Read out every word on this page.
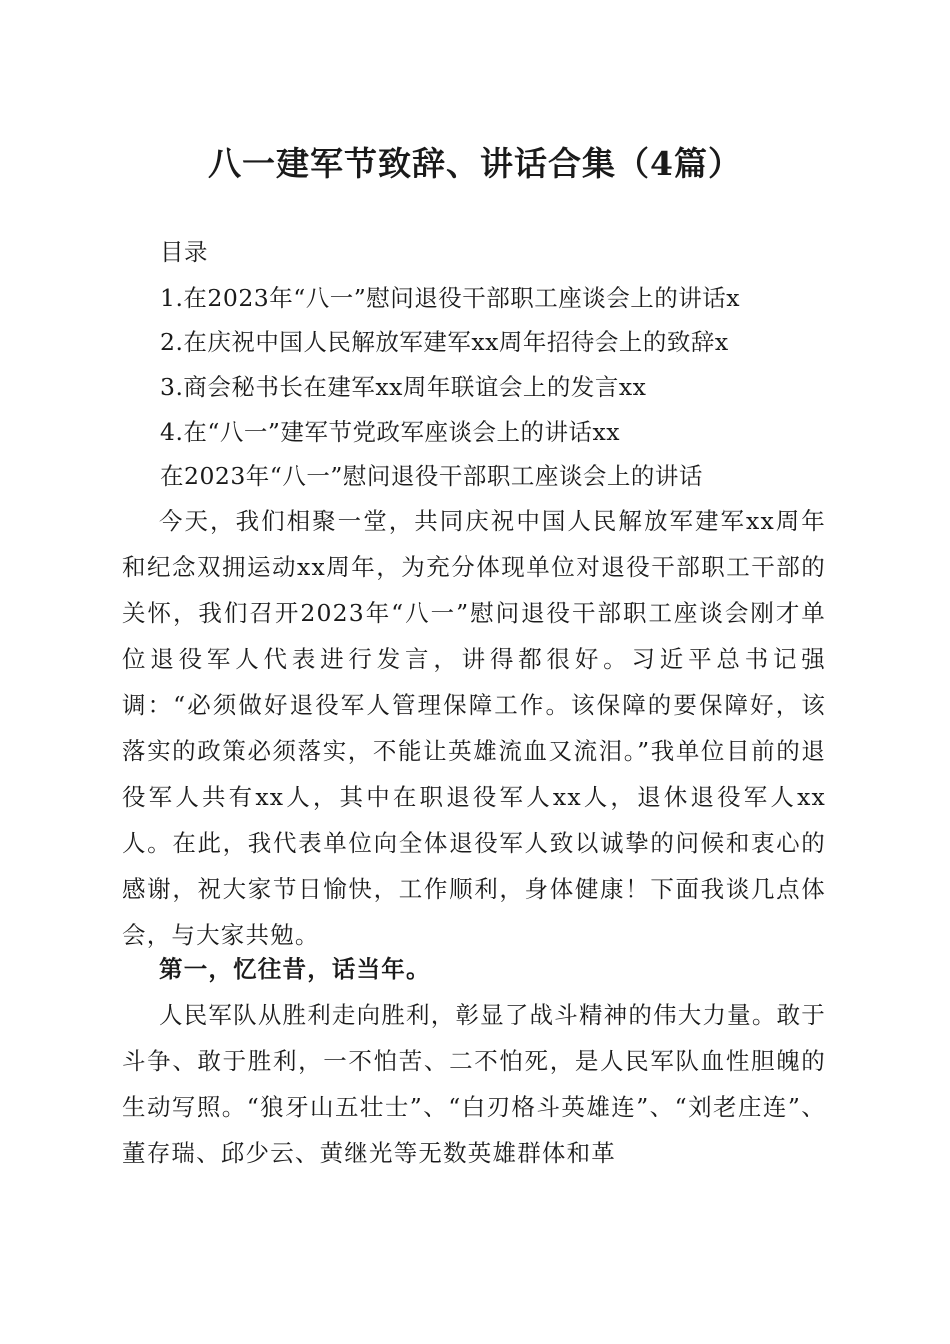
八一建军节致辞、讲话合集（4篇）

目录

1.在2023年“八一”慰问退役干部职工座谈会上的讲话x

2.在庆祝中国人民解放军建军xx周年招待会上的致辞x

3.商会秘书长在建军xx周年联谊会上的发言xx

4.在“八一”建军节党政军座谈会上的讲话xx

在2023年“八一”慰问退役干部职工座谈会上的讲话

今天，我们相聚一堂，共同庆祝中国人民解放军建军xx周年和纪念双拥运动xx周年，为充分体现单位对退役干部职工干部的关怀，我们召开2023年“八一”慰问退役干部职工座谈会刚才单位退役军人代表进行发言，讲得都很好。习近平总书记强调：“必须做好退役军人管理保障工作。该保障的要保障好，该落实的政策必须落实，不能让英雄流血又流泪。”我单位目前的退役军人共有xx人，其中在职退役军人xx人，退休退役军人xx人。在此，我代表单位向全体退役军人致以诚挚的问候和衷心的感谢，祝大家节日愉快，工作顺利，身体健康！下面我谈几点体会，与大家共勉。

第一，忆往昔，话当年。

人民军队从胜利走向胜利，彰显了战斗精神的伟大力量。敢于斗争、敢于胜利，一不怕苦、二不怕死，是人民军队血性胆魄的生动写照。“狼牙山五壮士”、“白刃格斗英雄连”、“刘老庄连”、董存瑞、邱少云、黄继光等无数英雄群体和革
